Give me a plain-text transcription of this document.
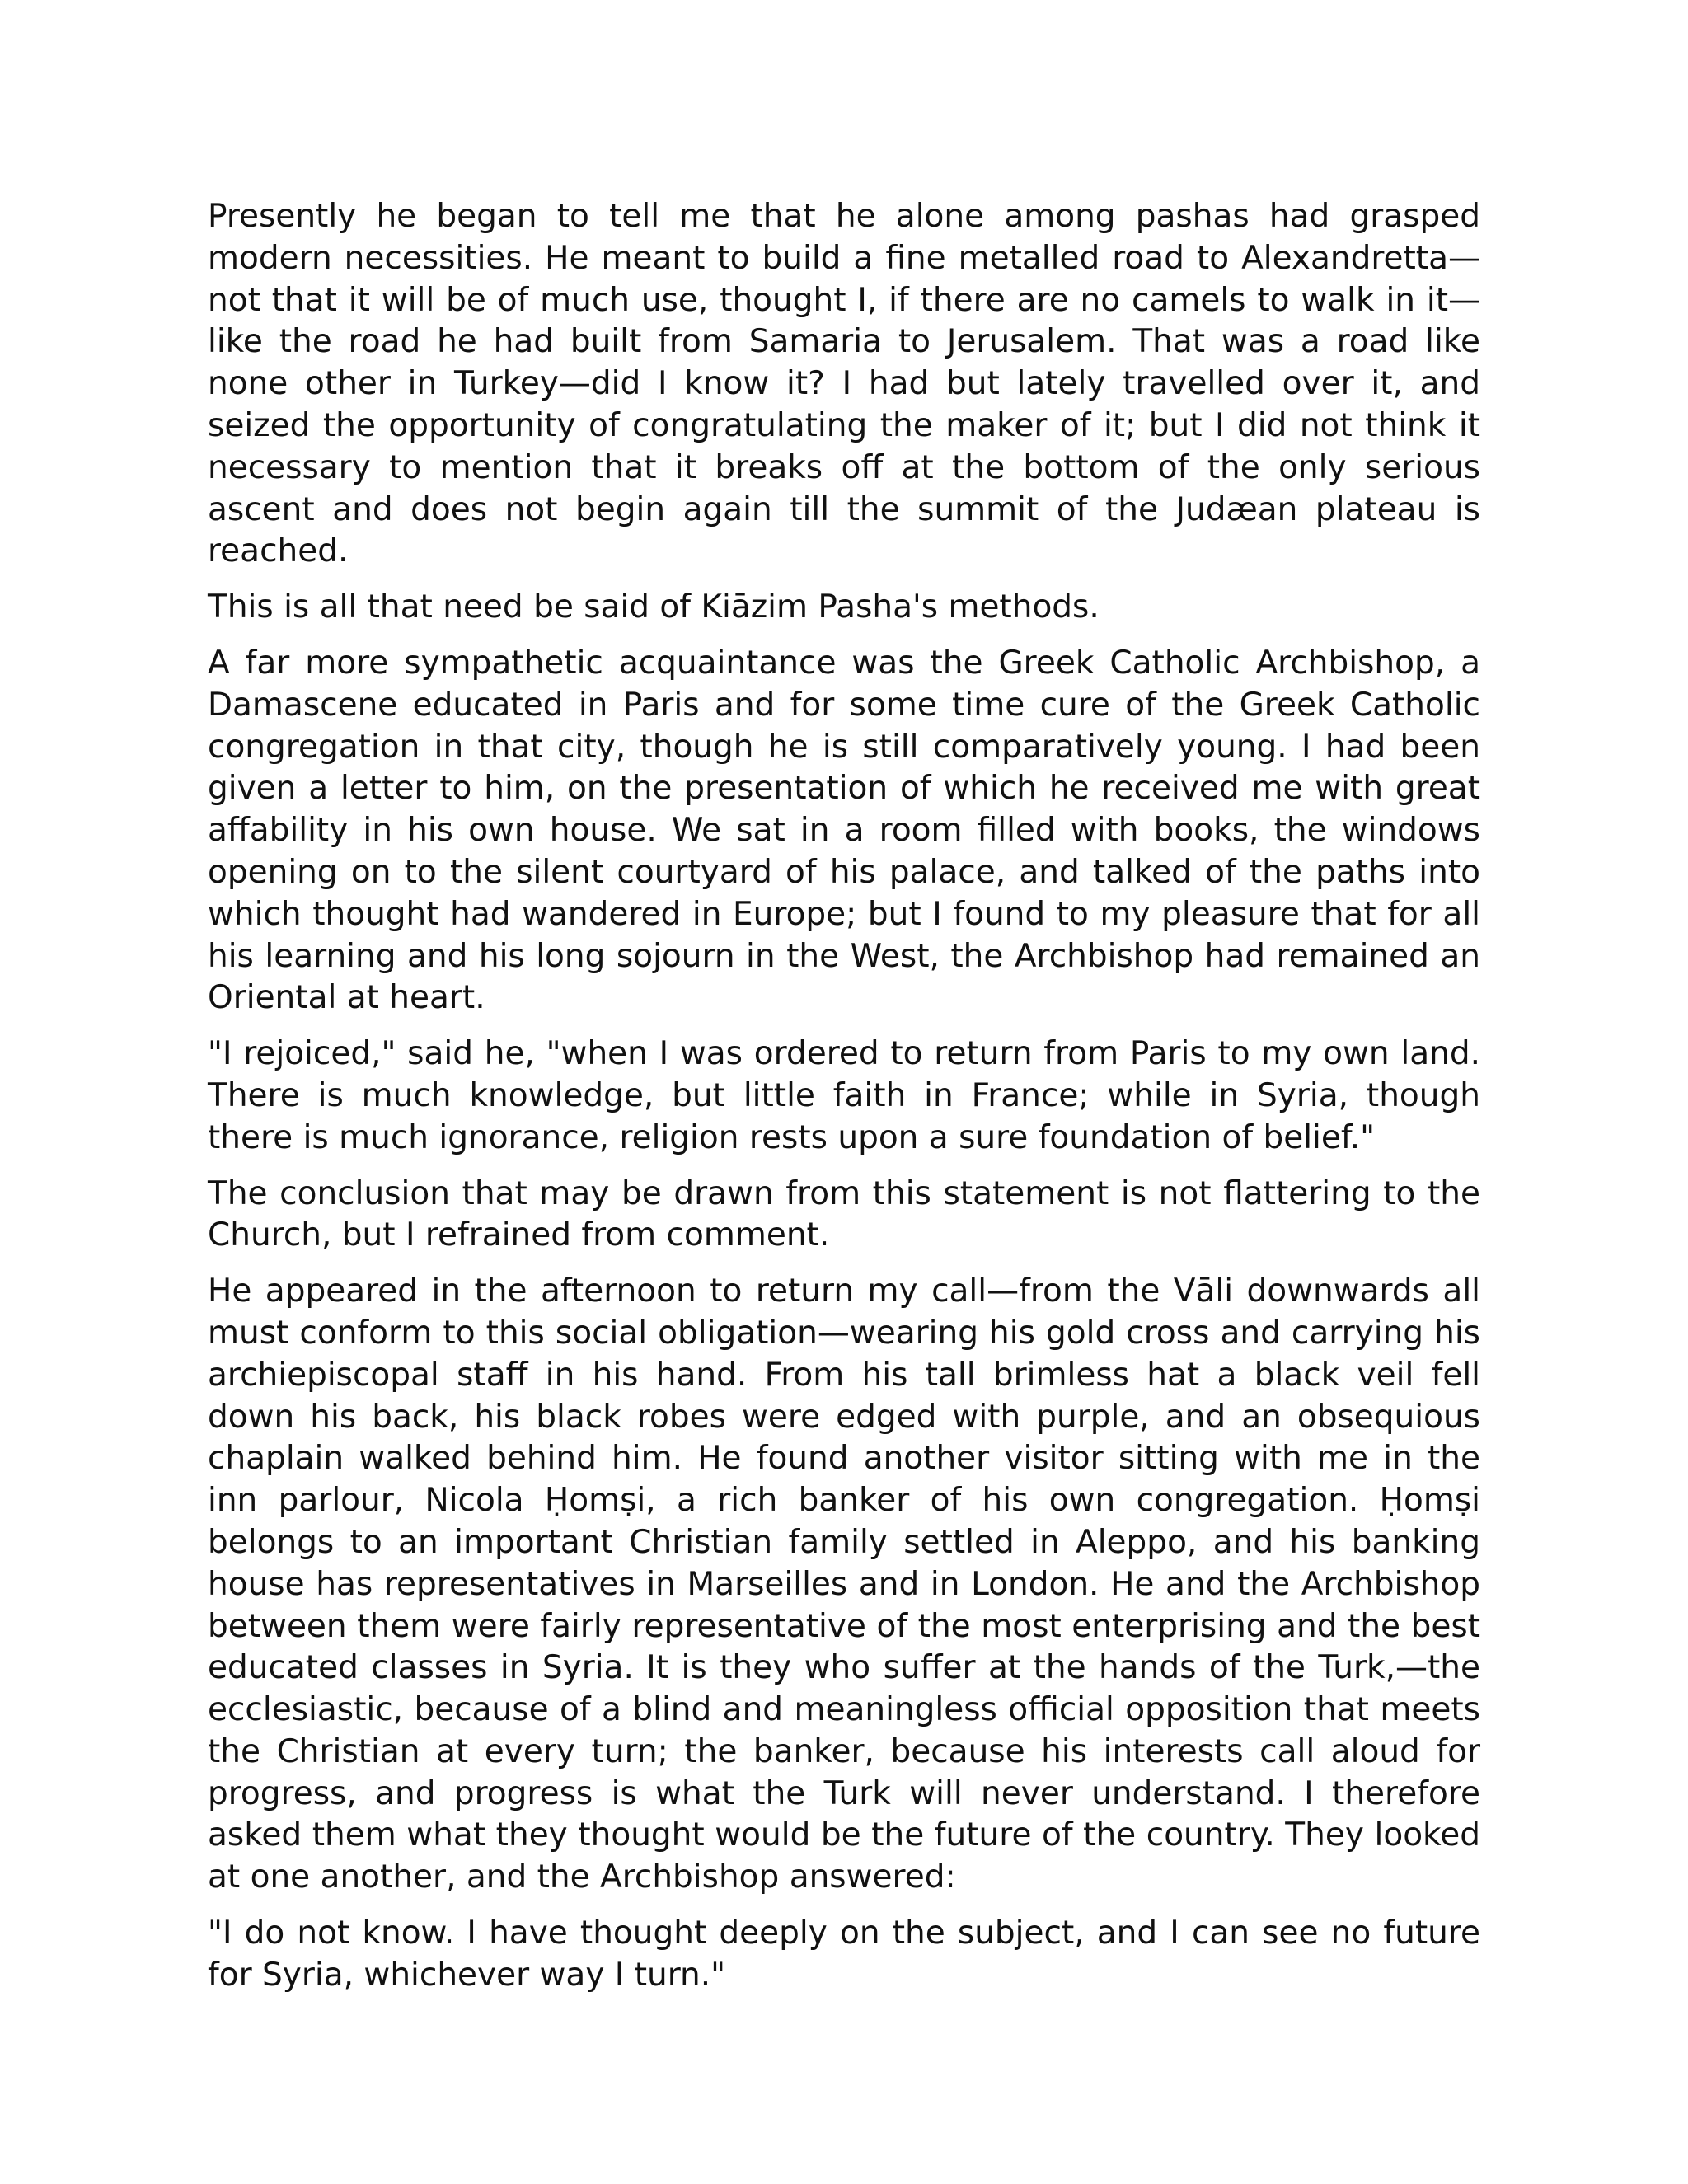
Presently he began to tell me that he alone among pashas had grasped modern necessities. He meant to build a fine metalled road to Alexandretta—not that it will be of much use, thought I, if there are no camels to walk in it—like the road he had built from Samaria to Jerusalem. That was a road like none other in Turkey—did I know it? I had but lately travelled over it, and seized the opportunity of congratulating the maker of it; but I did not think it necessary to mention that it breaks off at the bottom of the only serious ascent and does not begin again till the summit of the Judæan plateau is reached.

This is all that need be said of Kiāzim Pasha's methods.

A far more sympathetic acquaintance was the Greek Catholic Archbishop, a Damascene educated in Paris and for some time cure of the Greek Catholic congregation in that city, though he is still comparatively young. I had been given a letter to him, on the presentation of which he received me with great affability in his own house. We sat in a room filled with books, the windows opening on to the silent courtyard of his palace, and talked of the paths into which thought had wandered in Europe; but I found to my pleasure that for all his learning and his long sojourn in the West, the Archbishop had remained an Oriental at heart.

"I rejoiced," said he, "when I was ordered to return from Paris to my own land. There is much knowledge, but little faith in France; while in Syria, though there is much ignorance, religion rests upon a sure foundation of belief."

The conclusion that may be drawn from this statement is not flattering to the Church, but I refrained from comment.

He appeared in the afternoon to return my call—from the Vāli downwards all must conform to this social obligation—wearing his gold cross and carrying his archiepiscopal staff in his hand. From his tall brimless hat a black veil fell down his back, his black robes were edged with purple, and an obsequious chaplain walked behind him. He found another visitor sitting with me in the inn parlour, Nicola Ḥomṣi, a rich banker of his own congregation. Ḥomṣi belongs to an important Christian family settled in Aleppo, and his banking house has representatives in Marseilles and in London. He and the Archbishop between them were fairly representative of the most enterprising and the best educated classes in Syria. It is they who suffer at the hands of the Turk,—the ecclesiastic, because of a blind and meaningless official opposition that meets the Christian at every turn; the banker, because his interests call aloud for progress, and progress is what the Turk will never understand. I therefore asked them what they thought would be the future of the country. They looked at one another, and the Archbishop answered:

"I do not know. I have thought deeply on the subject, and I can see no future for Syria, whichever way I turn."
